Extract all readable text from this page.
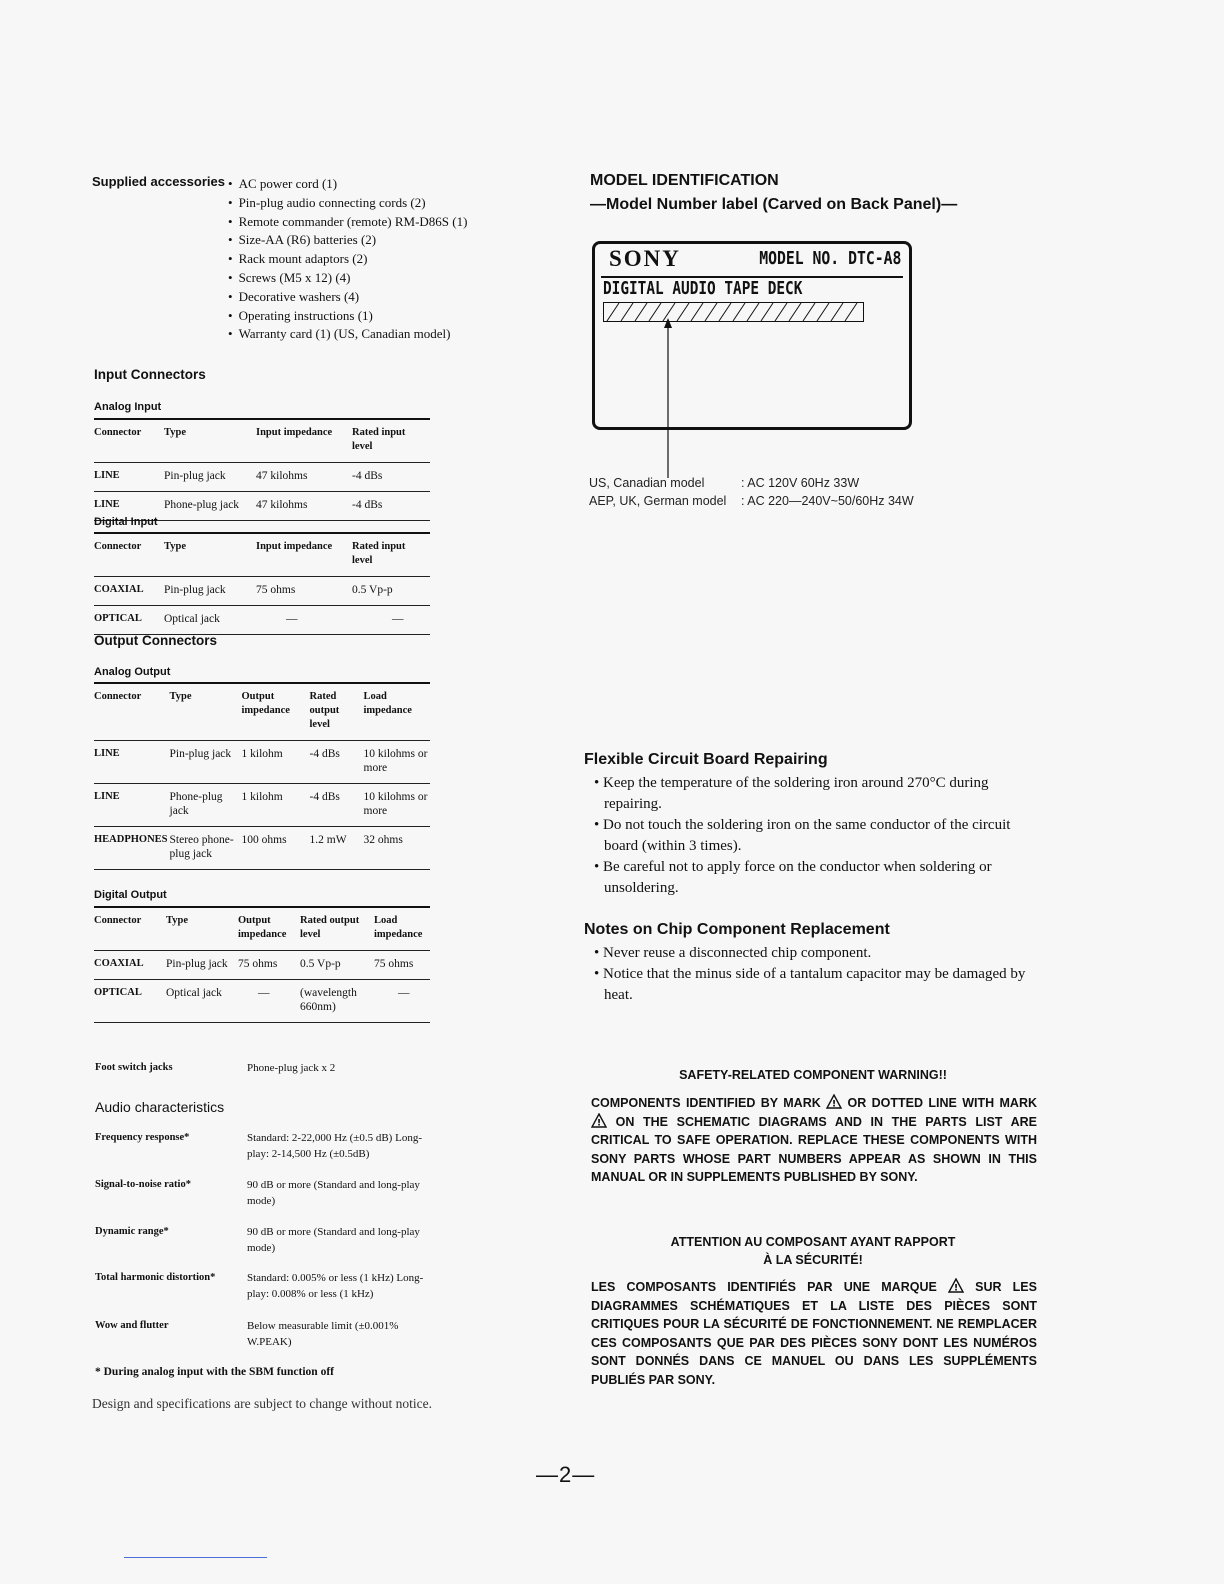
Supplied accessories	• AC power cord (1)
• Pin-plug audio connecting cords (2)
• Remote commander (remote) RM-D86S (1)
• Size-AA (R6) batteries (2)
• Rack mount adaptors (2)
• Screws (M5 x 12) (4)
• Decorative washers (4)
• Operating instructions (1)
• Warranty card (1) (US, Canadian model)
Input Connectors
Analog Input
Connector	Type	Input impedance	Rated input level
LINE	Pin-plug jack	47 kilohms	-4 dBs
LINE	Phone-plug jack	47 kilohms	-4 dBs
Digital Input
Connector	Type	Input impedance	Rated input level
COAXIAL	Pin-plug jack	75 ohms	0.5 Vp-p
OPTICAL	Optical jack	—	—
Output Connectors
Analog Output
Connector	Type	Output impedance	Rated output level	Load impedance
LINE	Pin-plug jack	1 kilohm	-4 dBs	10 kilohms or more
LINE	Phone-plug jack	1 kilohm	-4 dBs	10 kilohms or more
HEADPHONES	Stereo phone-plug jack	100 ohms	1.2 mW	32 ohms
Digital Output
Connector	Type	Output impedance	Rated output level	Load impedance
COAXIAL	Pin-plug jack	75 ohms	0.5 Vp-p	75 ohms
OPTICAL	Optical jack	—	(wavelength 660nm)	—
Foot switch jacks	Phone-plug jack x 2
Audio characteristics
Frequency response*	Standard: 2-22,000 Hz (±0.5 dB) Long-play: 2-14,500 Hz (±0.5dB)
Signal-to-noise ratio*	90 dB or more (Standard and long-play mode)
Dynamic range*	90 dB or more (Standard and long-play mode)
Total harmonic distortion*	Standard: 0.005% or less (1 kHz) Long-play: 0.008% or less (1 kHz)
Wow and flutter	Below measurable limit (±0.001% W.PEAK)
* During analog input with the SBM function off
Design and specifications are subject to change without notice.
MODEL IDENTIFICATION
—Model Number label (Carved on Back Panel)—
SONY	MODEL NO. DTC-A8
DIGITAL AUDIO TAPE DECK
US, Canadian model	: AC 120V 60Hz 33W
AEP, UK, German model : AC 220—240V~50/60Hz 34W
Flexible Circuit Board Repairing

• Keep the temperature of the soldering iron around 270°C during repairing.

• Do not touch the soldering iron on the same conductor of the circuit board (within 3 times).

• Be careful not to apply force on the conductor when soldering or unsoldering.

Notes on Chip Component Replacement

• Never reuse a disconnected chip component.

• Notice that the minus side of a tantalum capacitor may be damaged by heat.

SAFETY-RELATED COMPONENT WARNING!!
COMPONENTS IDENTIFIED BY MARK ! OR DOTTED LINE WITH MARK
! ON THE SCHEMATIC DIAGRAMS AND IN THE PARTS LIST ARE CRITICAL TO SAFE OPERATION. REPLACE THESE COMPONENTS WITH SONY PARTS WHOSE PART NUMBERS APPEAR AS SHOWN IN THIS MANUAL OR IN SUPPLEMENTS PUBLISHED BY SONY.
ATTENTION AU COMPOSANT AYANT RAPPORT
À LA SÉCURITÉ!
LES COMPOSANTS IDENTIFIÉS PAR UNE MARQUE ! SUR LES DIAGRAMMES SCHÉMATIQUES ET LA LISTE DES PIÈCES SONT CRITIQUES POUR LA SÉCURITÉ DE FONCTIONNEMENT. NE REMPLACER CES COMPOSANTS QUE PAR DES PIÈCES SONY DONT LES NUMÉROS SONT DONNÉS DANS CE MANUEL OU DANS LES SUPPLÉMENTS PUBLIÉS PAR SONY.
—2—
